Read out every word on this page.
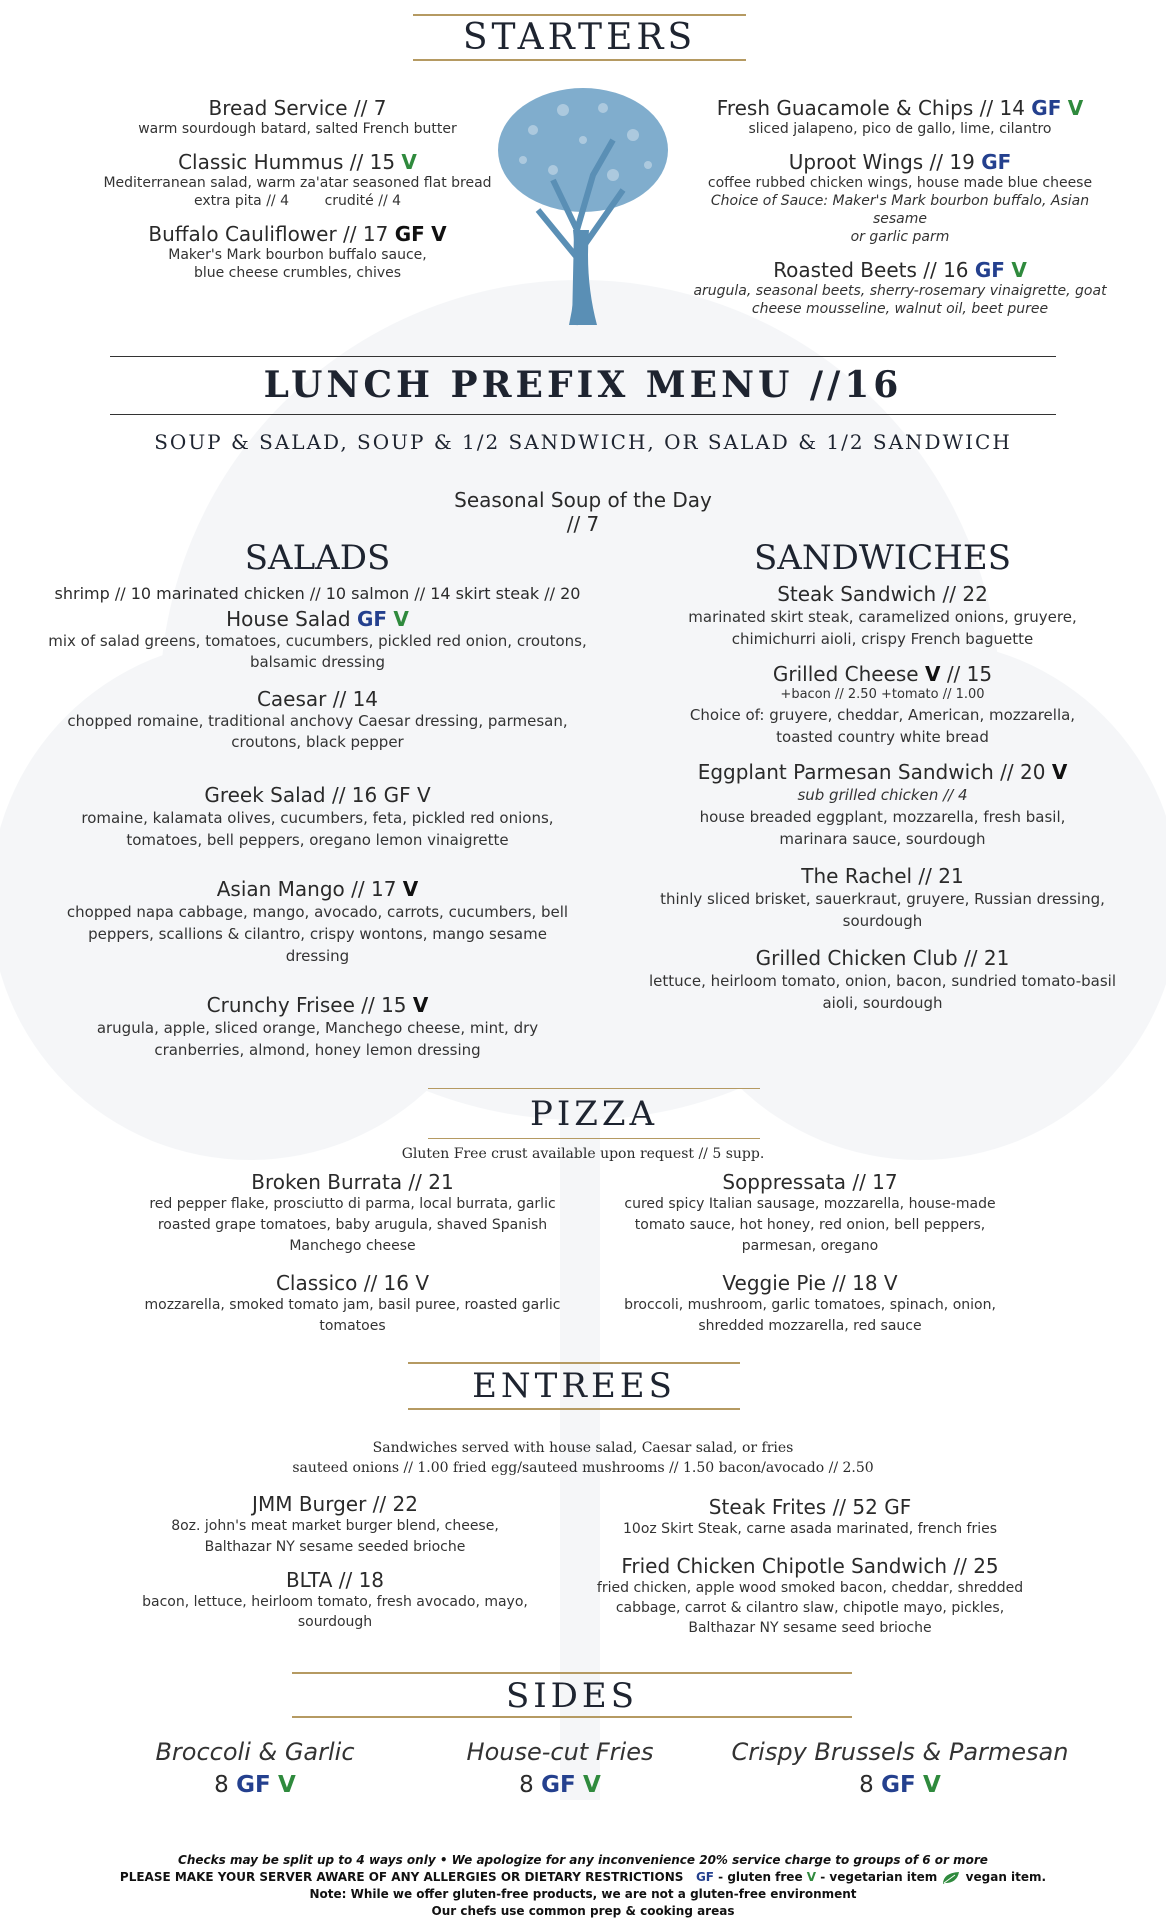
STARTERS
Bread Service // 7
warm sourdough batard, salted French butter
Classic Hummus // 15 V
Mediterranean salad, warm za'atar seasoned flat bread
extra pita // 4        crudité // 4
Buffalo Cauliflower // 17 GF V
Maker's Mark bourbon buffalo sauce,
blue cheese crumbles, chives
Fresh Guacamole & Chips // 14 GF V
sliced jalapeno, pico de gallo, lime, cilantro
Uproot Wings // 19 GF
coffee rubbed chicken wings, house made blue cheese
Choice of Sauce: Maker's Mark bourbon buffalo, Asian sesame
or garlic parm
Roasted Beets // 16 GF V
arugula, seasonal beets, sherry-rosemary vinaigrette, goat
cheese mousseline, walnut oil, beet puree
LUNCH PREFIX MENU //16
SOUP & SALAD, SOUP & 1/2 SANDWICH, OR SALAD & 1/2 SANDWICH
Seasonal Soup of the Day
// 7
SALADS
shrimp // 10 marinated chicken // 10 salmon // 14 skirt steak // 20
House Salad GF V
mix of salad greens, tomatoes, cucumbers, pickled red onion, croutons,
balsamic dressing
Caesar // 14
chopped romaine, traditional anchovy Caesar dressing, parmesan,
croutons, black pepper
Greek Salad // 16 GF V
romaine, kalamata olives, cucumbers, feta, pickled red onions,
tomatoes, bell peppers, oregano lemon vinaigrette
Asian Mango // 17 V
chopped napa cabbage, mango, avocado, carrots, cucumbers, bell
peppers, scallions & cilantro, crispy wontons, mango sesame
dressing
Crunchy Frisee // 15 V
arugula, apple, sliced orange, Manchego cheese, mint, dry
cranberries, almond, honey lemon dressing
SANDWICHES
Steak Sandwich // 22
marinated skirt steak, caramelized onions, gruyere,
chimichurri aioli, crispy French baguette
Grilled Cheese V // 15
+bacon // 2.50 +tomato // 1.00
Choice of: gruyere, cheddar, American, mozzarella,
toasted country white bread
Eggplant Parmesan Sandwich // 20 V
sub grilled chicken // 4
house breaded eggplant, mozzarella, fresh basil,
marinara sauce, sourdough
The Rachel // 21
thinly sliced brisket, sauerkraut, gruyere, Russian dressing,
sourdough
Grilled Chicken Club // 21
lettuce, heirloom tomato, onion, bacon, sundried tomato-basil
aioli, sourdough
PIZZA
Gluten Free crust available upon request // 5 supp.
Broken Burrata // 21
red pepper flake, prosciutto di parma, local burrata, garlic
roasted grape tomatoes, baby arugula, shaved Spanish
Manchego cheese
Classico // 16 V
mozzarella, smoked tomato jam, basil puree, roasted garlic
tomatoes
Soppressata // 17
cured spicy Italian sausage, mozzarella, house-made
tomato sauce, hot honey, red onion, bell peppers,
parmesan, oregano
Veggie Pie // 18 V
broccoli, mushroom, garlic tomatoes, spinach, onion,
shredded mozzarella, red sauce
ENTREES
Sandwiches served with house salad, Caesar salad, or fries
sauteed onions // 1.00 fried egg/sauteed mushrooms // 1.50 bacon/avocado // 2.50
JMM Burger // 22
8oz. john's meat market burger blend, cheese,
Balthazar NY sesame seeded brioche
BLTA // 18
bacon, lettuce, heirloom tomato, fresh avocado, mayo,
sourdough
Steak Frites // 52 GF
10oz Skirt Steak, carne asada marinated, french fries
Fried Chicken Chipotle Sandwich // 25
fried chicken, apple wood smoked bacon, cheddar, shredded
cabbage, carrot & cilantro slaw, chipotle mayo, pickles,
Balthazar NY sesame seed brioche
SIDES
Broccoli & Garlic
8 GF V
House-cut Fries
8 GF V
Crispy Brussels & Parmesan
8 GF V
Checks may be split up to 4 ways only • We apologize for any inconvenience 20% service charge to groups of 6 or more
PLEASE MAKE YOUR SERVER AWARE OF ANY ALLERGIES OR DIETARY RESTRICTIONS GF - gluten free V - vegetarian item vegan item.
Note: While we offer gluten-free products, we are not a gluten-free environment
Our chefs use common prep & cooking areas
